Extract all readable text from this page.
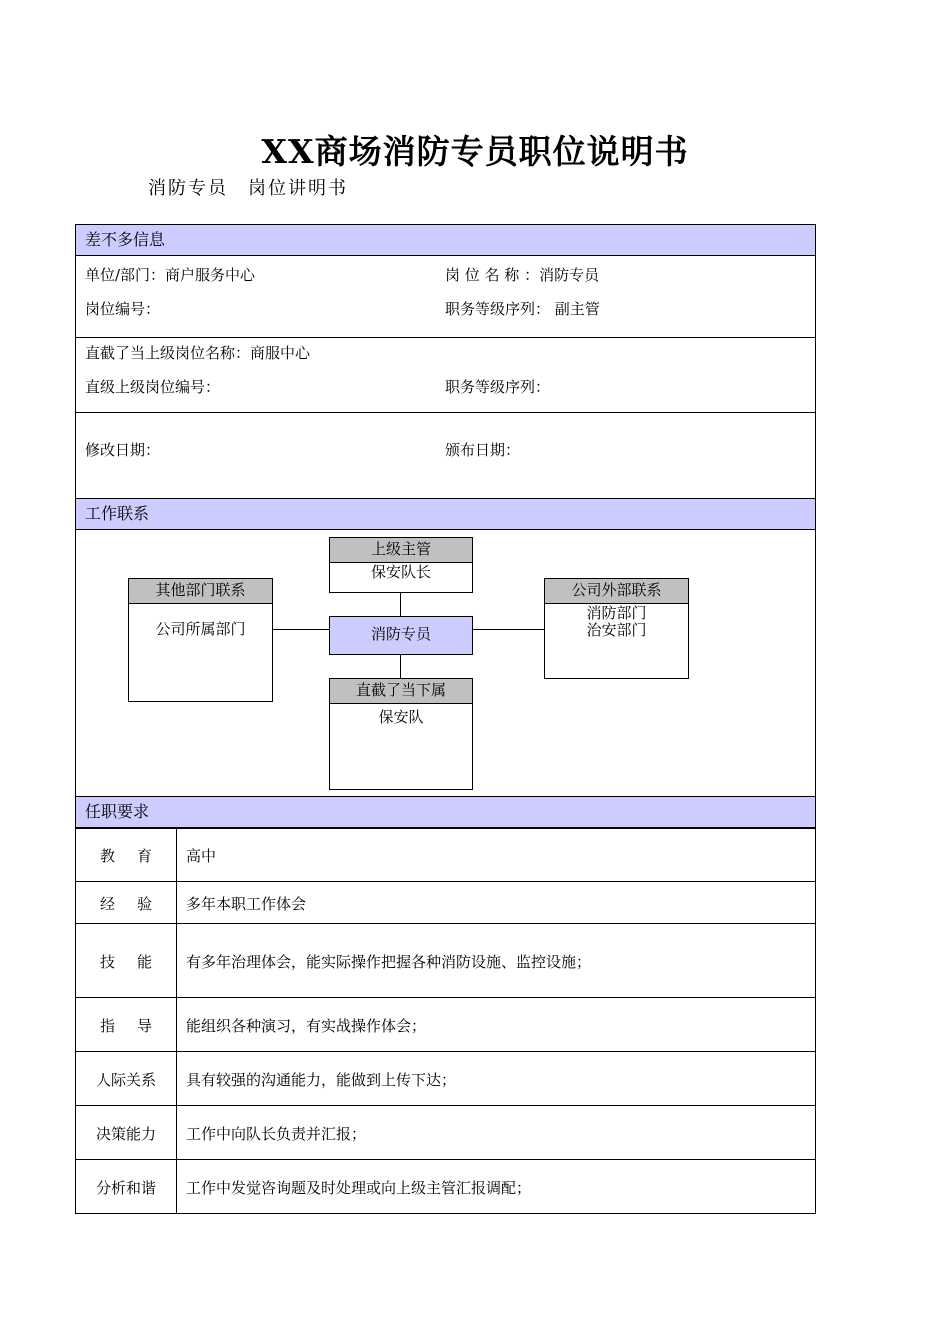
XX商场消防专员职位说明书
消防专员 岗位讲明书
差不多信息
单位/部门：商户服务中心	岗 位 名 称 ：消防专员
岗位编号：	职务等级序列： 副主管
直截了当上级岗位名称：商服中心
直级上级岗位编号：	职务等级序列：
修改日期：	颁布日期：
工作联系
上级主管
保安队长
其他部门联系
公司所属部门	消防专员
公司外部联系
消防部门
治安部门
直截了当下属
保安队
任职要求
教育 高中
经验 多年本职工作体会
技能 有多年治理体会，能实际操作把握各种消防设施、监控设施；
指导 能组织各种演习，有实战操作体会；
人际关系 具有较强的沟通能力，能做到上传下达；
决策能力 工作中向队长负责并汇报；
分析和谐 工作中发觉咨询题及时处理或向上级主管汇报调配；
